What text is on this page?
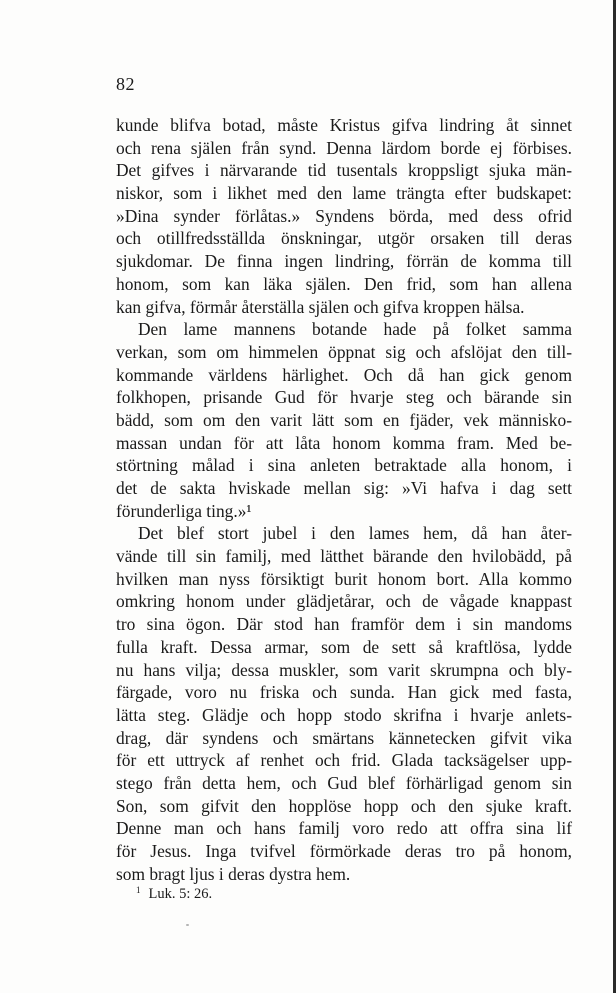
82
kunde blifva botad, måste Kristus gifva lindring åt sinnet
och rena själen från synd. Denna lärdom borde ej förbises.
Det gifves i närvarande tid tusentals kroppsligt sjuka män-
niskor, som i likhet med den lame trängta efter budskapet:
»Dina synder förlåtas.» Syndens börda, med dess ofrid
och otillfredsställda önskningar, utgör orsaken till deras
sjukdomar. De finna ingen lindring, förrän de komma till
honom, som kan läka själen. Den frid, som han allena
kan gifva, förmår återställa själen och gifva kroppen hälsa.
Den lame mannens botande hade på folket samma
verkan, som om himmelen öppnat sig och afslöjat den till-
kommande världens härlighet. Och då han gick genom
folkhopen, prisande Gud för hvarje steg och bärande sin
bädd, som om den varit lätt som en fjäder, vek människo-
massan undan för att låta honom komma fram. Med be-
störtning målad i sina anleten betraktade alla honom, i
det de sakta hviskade mellan sig: »Vi hafva i dag sett
förunderliga ting.»¹
Det blef stort jubel i den lames hem, då han åter-
vände till sin familj, med lätthet bärande den hvilobädd, på
hvilken man nyss försiktigt burit honom bort. Alla kommo
omkring honom under glädjetårar, och de vågade knappast
tro sina ögon. Där stod han framför dem i sin mandoms
fulla kraft. Dessa armar, som de sett så kraftlösa, lydde
nu hans vilja; dessa muskler, som varit skrumpna och bly-
färgade, voro nu friska och sunda. Han gick med fasta,
lätta steg. Glädje och hopp stodo skrifna i hvarje anlets-
drag, där syndens och smärtans kännetecken gifvit vika
för ett uttryck af renhet och frid. Glada tacksägelser upp-
stego från detta hem, och Gud blef förhärligad genom sin
Son, som gifvit den hopplöse hopp och den sjuke kraft.
Denne man och hans familj voro redo att offra sina lif
för Jesus. Inga tvifvel förmörkade deras tro på honom,
som bragt ljus i deras dystra hem.
$^1$ Luk. 5: 26.
